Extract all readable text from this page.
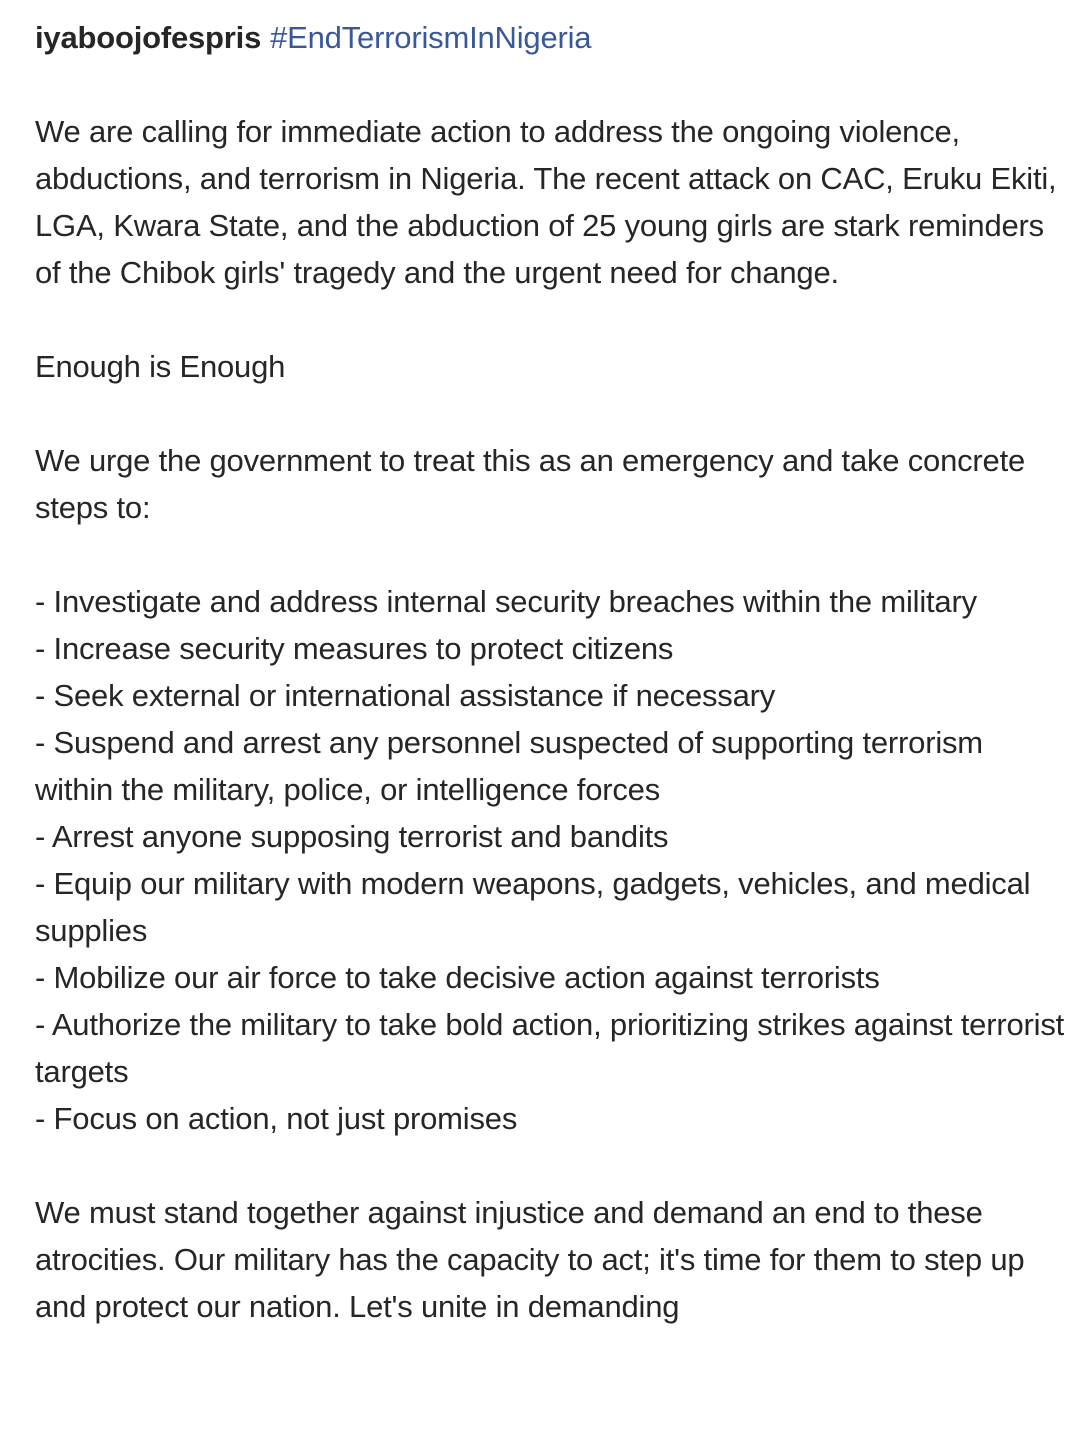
iyaboojofespris #EndTerrorismInNigeria

We are calling for immediate action to address the ongoing violence, abductions, and terrorism in Nigeria. The recent attack on CAC, Eruku Ekiti, LGA, Kwara State, and the abduction of 25 young girls are stark reminders of the Chibok girls' tragedy and the urgent need for change.

Enough is Enough

We urge the government to treat this as an emergency and take concrete steps to:

- Investigate and address internal security breaches within the military

- Increase security measures to protect citizens

- Seek external or international assistance if necessary

- Suspend and arrest any personnel suspected of supporting terrorism within the military, police, or intelligence forces

- Arrest anyone supposing terrorist and bandits

- Equip our military with modern weapons, gadgets, vehicles, and medical supplies

- Mobilize our air force to take decisive action against terrorists

- Authorize the military to take bold action, prioritizing strikes against terrorist targets

- Focus on action, not just promises

We must stand together against injustice and demand an end to these atrocities. Our military has the capacity to act; it's time for them to step up and protect our nation. Let's unite in demanding
